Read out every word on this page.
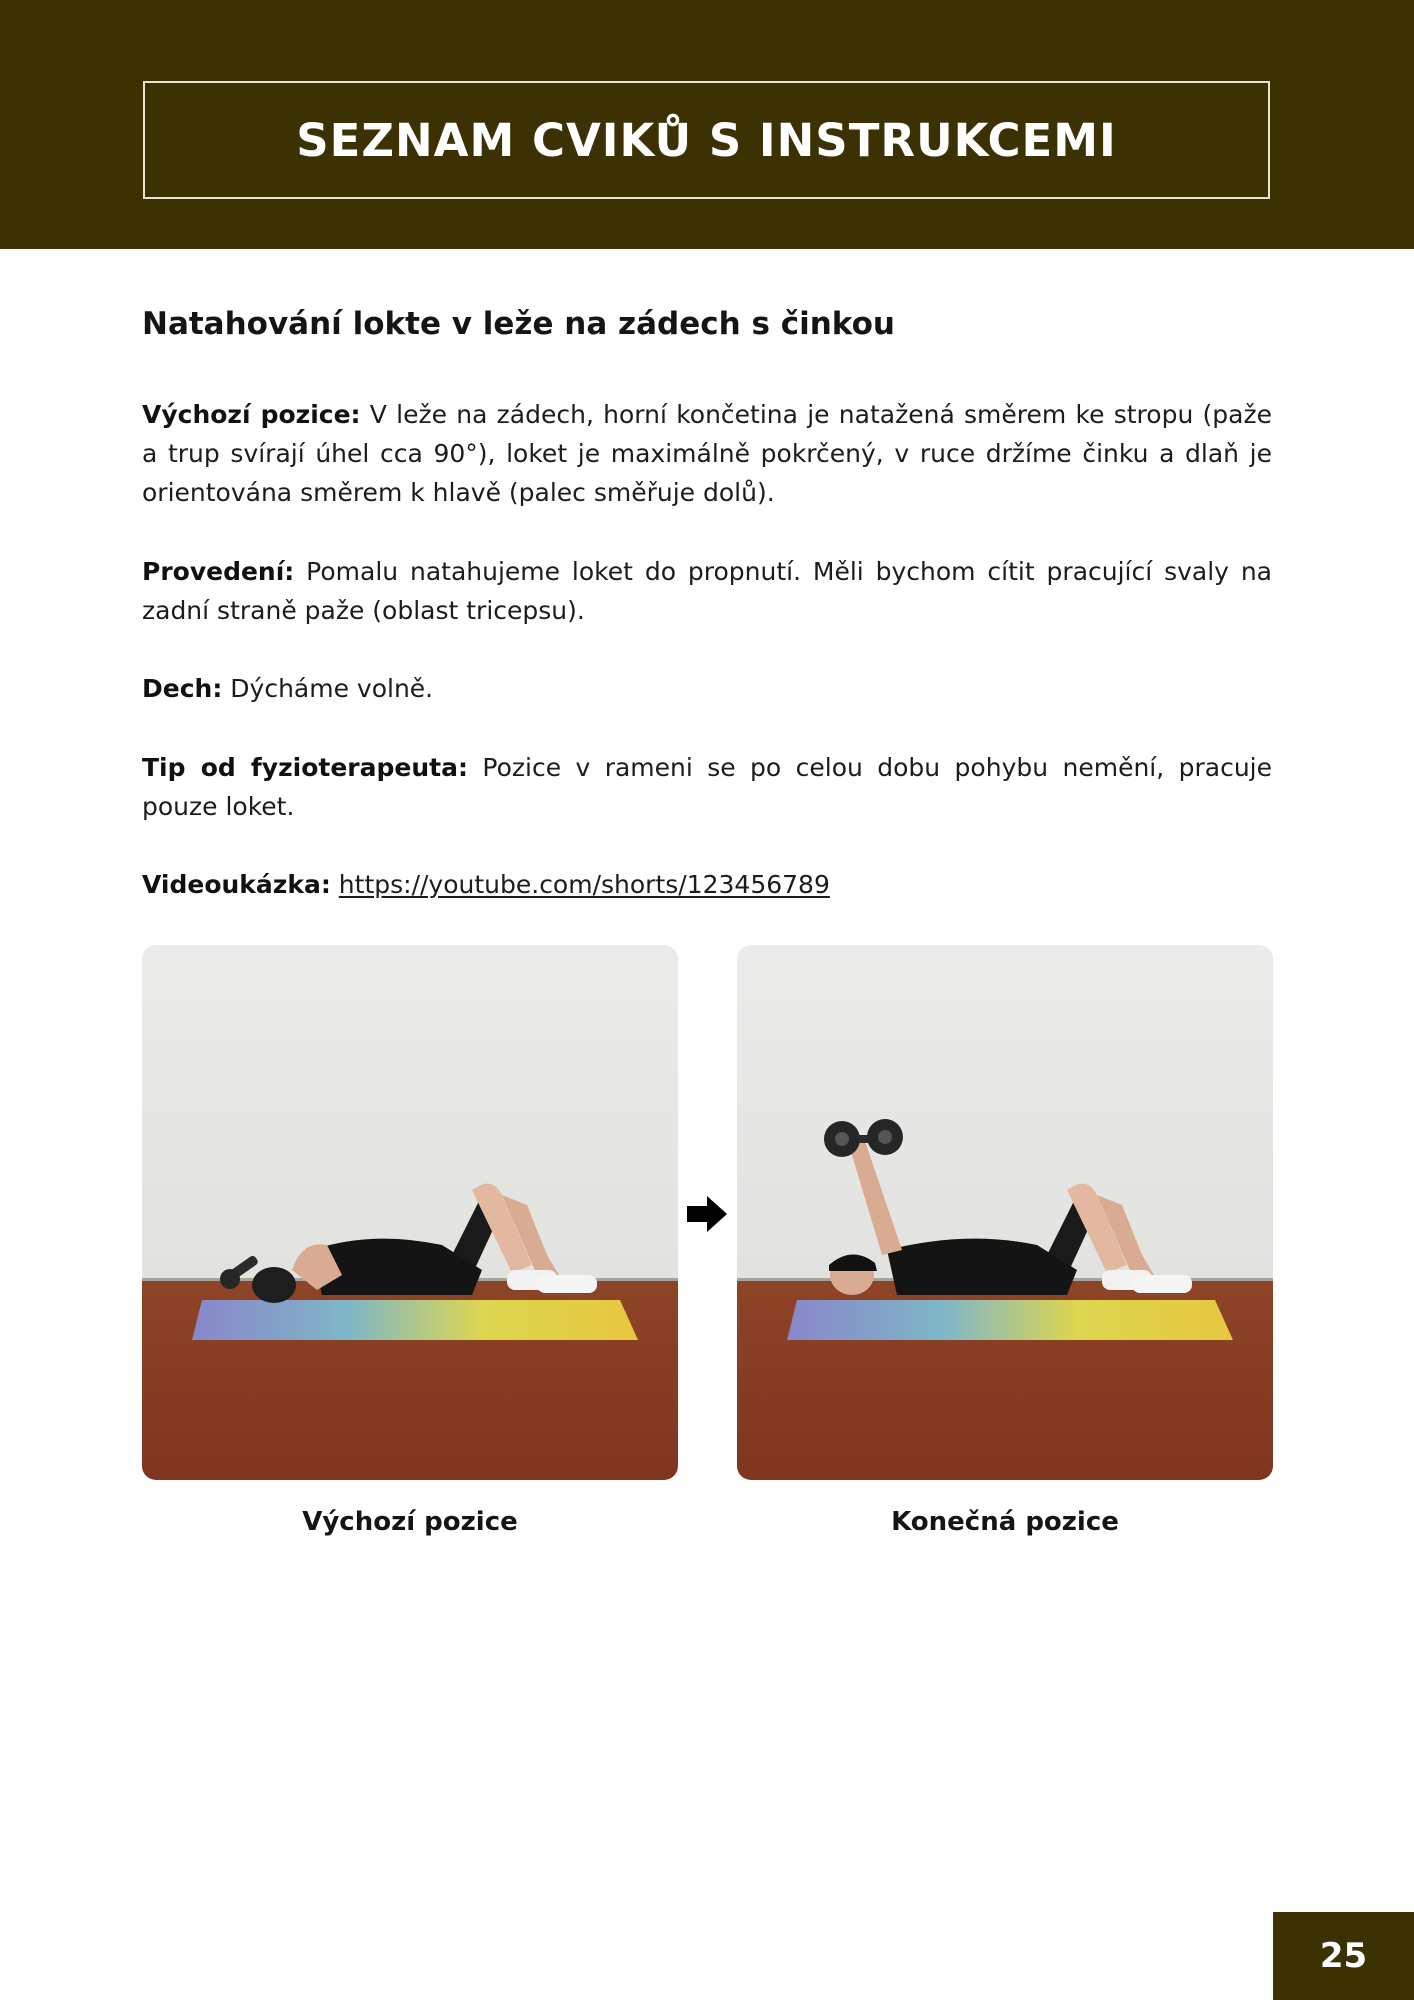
SEZNAM CVIKŮ S INSTRUKCEMI
Natahování lokte v leže na zádech s činkou

Výchozí pozice: V leže na zádech, horní končetina je natažená směrem ke stropu (paže a trup svírají úhel cca 90°), loket je maximálně pokrčený, v ruce držíme činku a dlaň je orientována směrem k hlavě (palec směřuje dolů).

Provedení: Pomalu natahujeme loket do propnutí. Měli bychom cítit pracující svaly na zadní straně paže (oblast tricepsu).

Dech: Dýcháme volně.

Tip od fyzioterapeuta: Pozice v rameni se po celou dobu pohybu nemění, pracuje pouze loket.

Videoukázka: https://youtube.com/shorts/123456789

Výchozí pozice	Konečná pozice

25
